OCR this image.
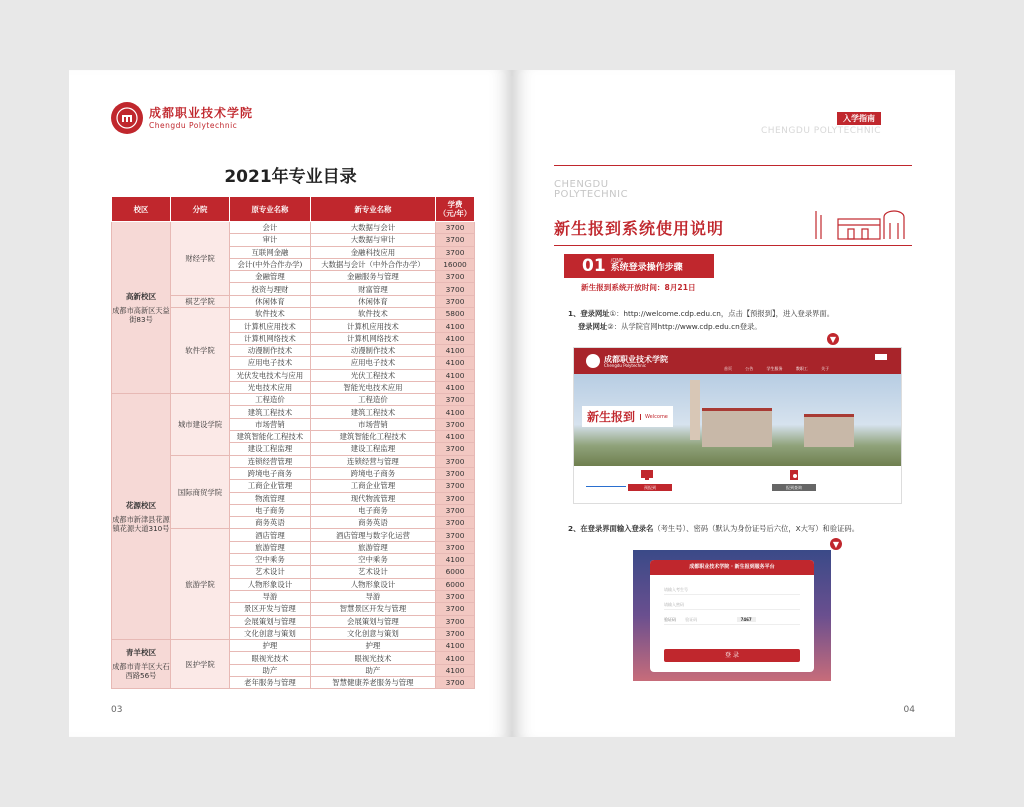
成都职业技术学院
Chengdu Polytechnic
2021年专业目录
校区	分院	原专业名称	新专业名称	学费
（元/年）

高新校区
成都市高新区天益街83号	财经学院	会计	大数据与会计	3700
		审计	大数据与审计	3700
		互联网金融	金融科技应用	3700
		会计(中外合作办学)	大数据与会计（中外合作办学）	16000
		金融管理	金融服务与管理	3700
		投资与理财	财富管理	3700
	棋艺学院	休闲体育	休闲体育	3700
	软件学院	软件技术	软件技术	5800
		计算机应用技术	计算机应用技术	4100
		计算机网络技术	计算机网络技术	4100
		动漫制作技术	动漫制作技术	4100
		应用电子技术	应用电子技术	4100
		光伏发电技术与应用	光伏工程技术	4100
		光电技术应用	智能光电技术应用	4100

花源校区
成都市新津县花源镇花源大道310号	城市建设学院	工程造价	工程造价	3700
		建筑工程技术	建筑工程技术	4100
		市场营销	市场营销	3700
		建筑智能化工程技术	建筑智能化工程技术	4100
		建设工程监理	建设工程监理	3700
	国际商贸学院	连锁经营管理	连锁经营与管理	3700
		跨境电子商务	跨境电子商务	3700
		工商企业管理	工商企业管理	3700
		物流管理	现代物流管理	3700
		电子商务	电子商务	3700
		商务英语	商务英语	3700
	旅游学院	酒店管理	酒店管理与数字化运营	3700
		旅游管理	旅游管理	3700
		空中乘务	空中乘务	4100
		艺术设计	艺术设计	6000
		人物形象设计	人物形象设计	6000
		导游	导游	3700
		景区开发与管理	智慧景区开发与管理	3700
		会展策划与管理	会展策划与管理	3700
		文化创意与策划	文化创意与策划	3700

青羊校区
成都市青羊区大石西路56号	医护学院	护理	护理	4100
		眼视光技术	眼视光技术	4100
		助产	助产	4100
		老年服务与管理	智慧健康养老服务与管理	3700
03
入学指南
CHENGDU POLYTECHNIC
CHENGDU
POLYTECHNIC
新生报到系统使用说明
01 /ONE
系统登录操作步骤
新生报到系统开放时间：8月21日
1、登录网址①：http://welcome.cdp.edu.cn，点击【预报到】，进入登录界面。
登录网址②：从学院官网http://www.cdp.edu.cn登录。
▼
成都职业技术学院
Chengdu Polytechnic
首页 公告 学生服务 教职工 关于
新生报到	Welcome
预报到	报到查询
2、在登录界面输入登录名（考生号）、密码（默认为身份证号后六位，X大写）和验证码。
▼
成都职业技术学院 · 新生报到服务平台
请输入考生号
请输入密码
验证码 验证码	7467
登 录
04
